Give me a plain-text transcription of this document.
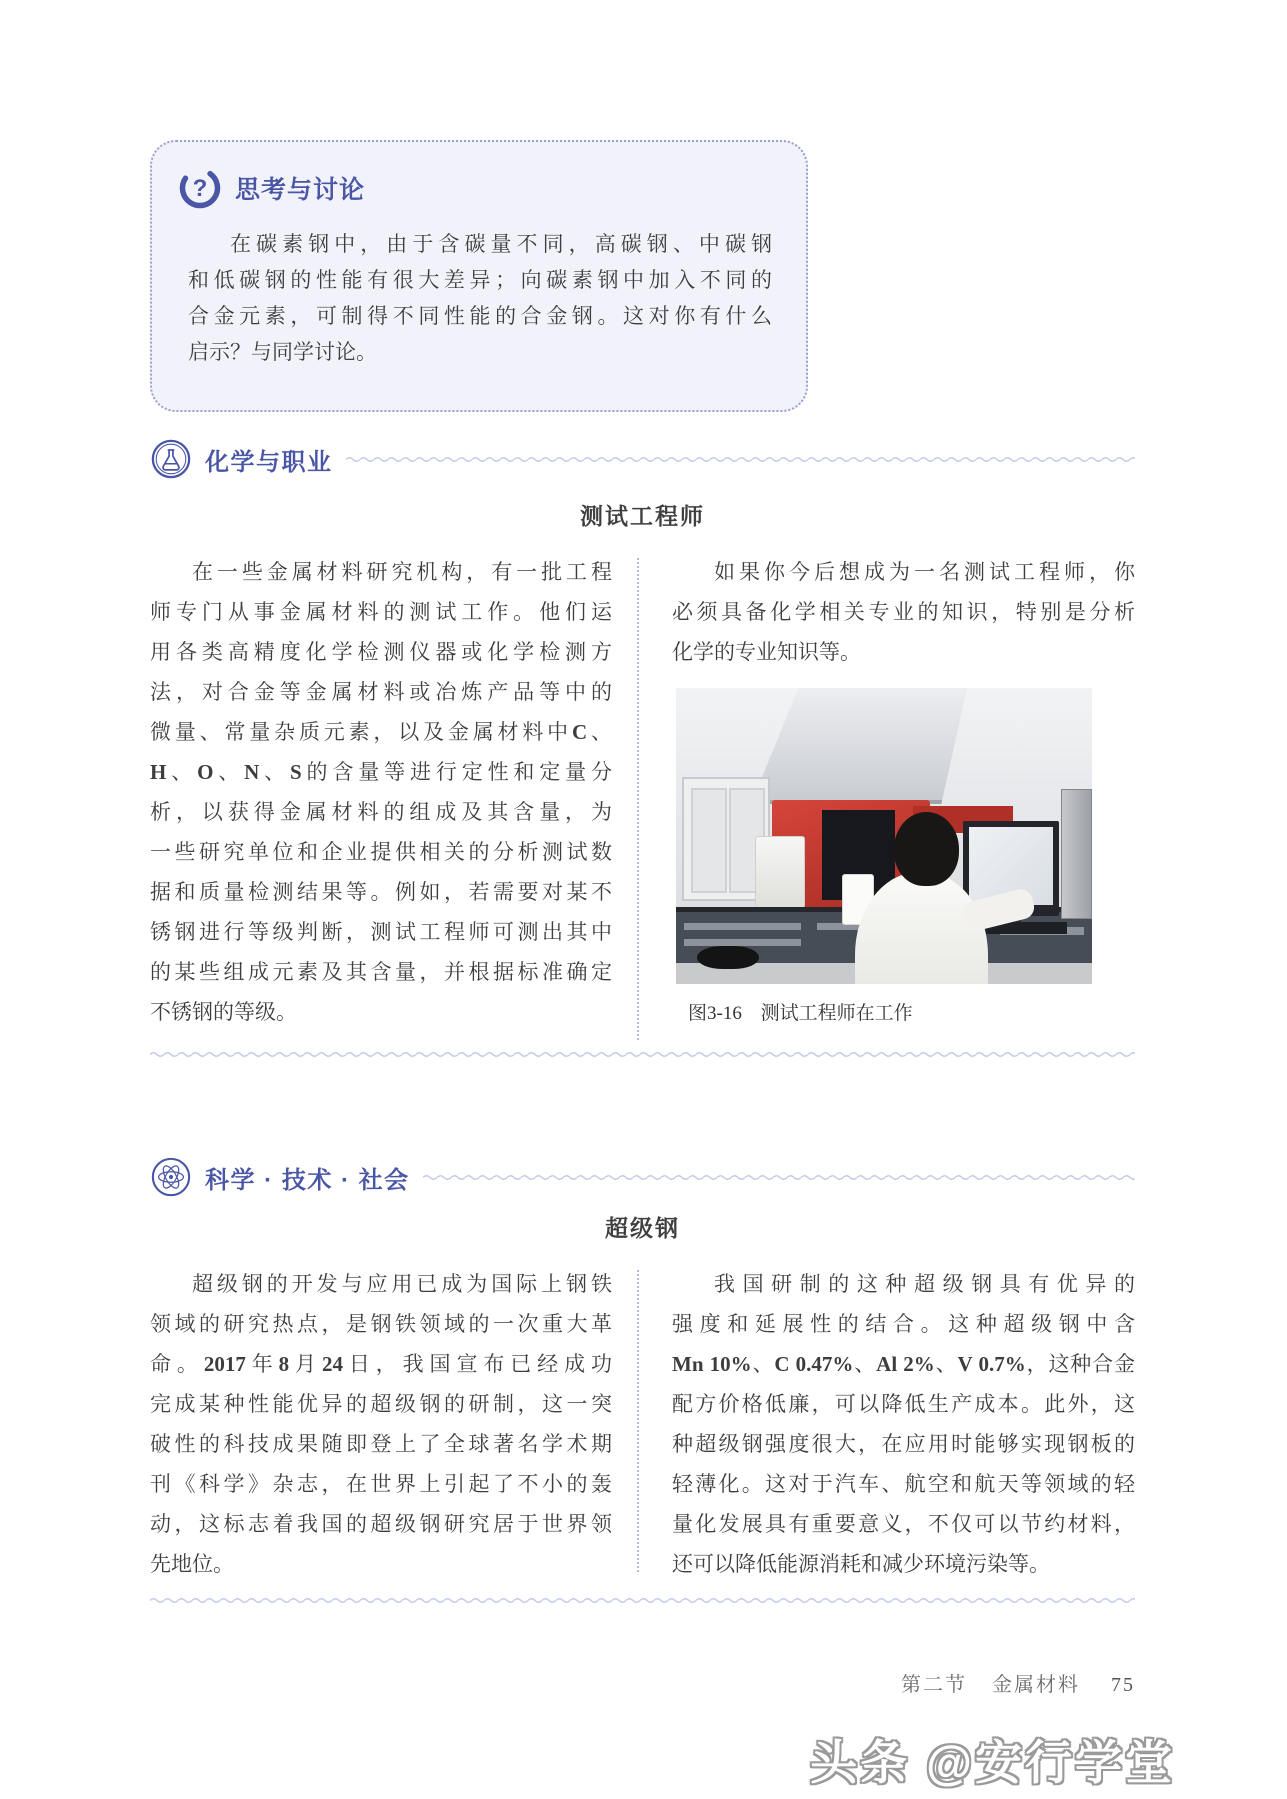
? 思考与讨论
在碳素钢中，由于含碳量不同，高碳钢、中碳钢
和低碳钢的性能有很大差异；向碳素钢中加入不同的
合金元素，可制得不同性能的合金钢。这对你有什么
启示？与同学讨论。
化学与职业
测试工程师
在一些金属材料研究机构，有一批工程
师专门从事金属材料的测试工作。他们运
用各类高精度化学检测仪器或化学检测方
法，对合金等金属材料或冶炼产品等中的
微量、常量杂质元素，以及金属材料中C、
H、O、N、S的含量等进行定性和定量分
析，以获得金属材料的组成及其含量，为
一些研究单位和企业提供相关的分析测试数
据和质量检测结果等。例如，若需要对某不
锈钢进行等级判断，测试工程师可测出其中
的某些组成元素及其含量，并根据标准确定
不锈钢的等级。
如果你今后想成为一名测试工程师，你
必须具备化学相关专业的知识，特别是分析
化学的专业知识等。
图3-16 测试工程师在工作
科学 · 技术 · 社会
超级钢
超级钢的开发与应用已成为国际上钢铁
领域的研究热点，是钢铁领域的一次重大革
命。2017年8月24日，我国宣布已经成功
完成某种性能优异的超级钢的研制，这一突
破性的科技成果随即登上了全球著名学术期
刊《科学》杂志，在世界上引起了不小的轰
动，这标志着我国的超级钢研究居于世界领
先地位。
我国研制的这种超级钢具有优异的
强度和延展性的结合。这种超级钢中含
Mn 10%、C 0.47%、Al 2%、V 0.7%，这种合金
配方价格低廉，可以降低生产成本。此外，这
种超级钢强度很大，在应用时能够实现钢板的
轻薄化。这对于汽车、航空和航天等领域的轻
量化发展具有重要意义，不仅可以节约材料，
还可以降低能源消耗和减少环境污染等。
第二节 金属材料 75
头条 @安行学堂
